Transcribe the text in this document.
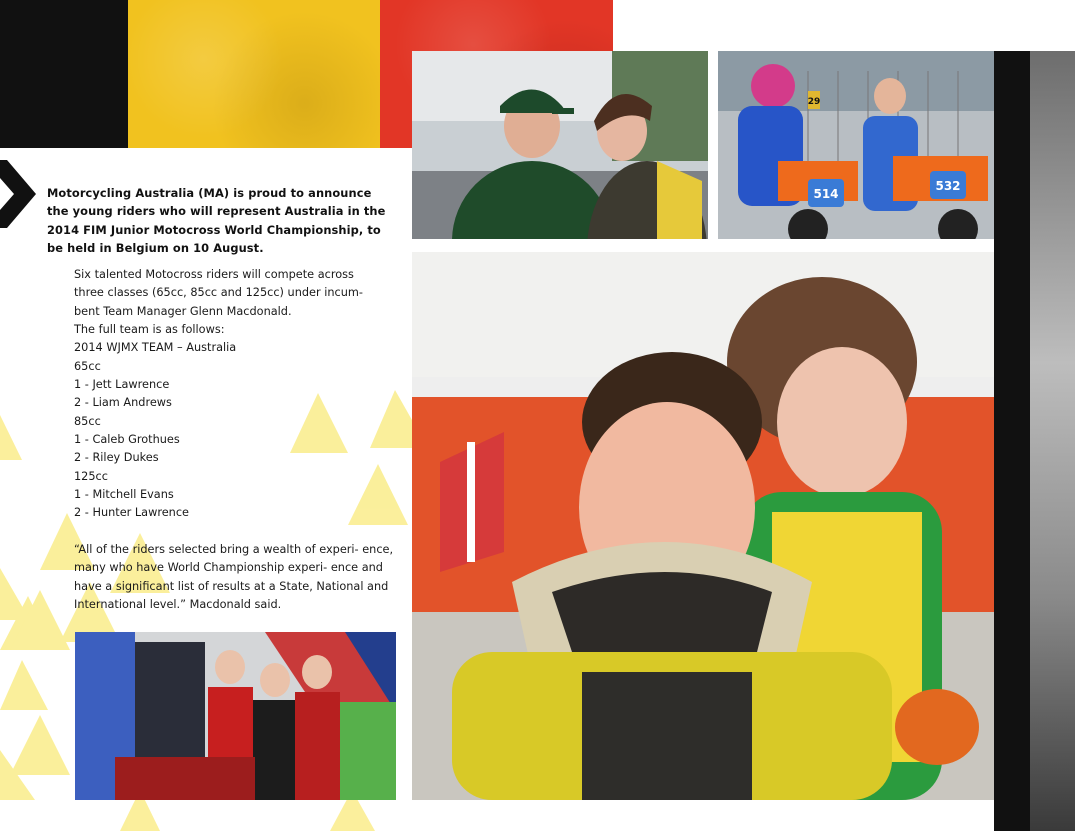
Motorcycling Australia (MA) is proud to announce the young riders who will represent Australia in the 2014 FIM Junior Motocross World Championship, to be held in Belgium on 10 August.

Six talented Motocross riders will compete across

three classes (65cc, 85cc and 125cc) under incum-

bent Team Manager Glenn Macdonald.

The full team is as follows:

2014 WJMX TEAM – Australia

65cc

1 - Jett Lawrence

2 - Liam Andrews

85cc

1 - Caleb Grothues

2 - Riley Dukes

125cc

1 - Mitchell Evans

2 - Hunter Lawrence

“All of the riders selected bring a wealth of experi- ence, many who have World Championship experi- ence and have a significant list of results at a State, National and International level.” Macdonald said.

29
514
532
